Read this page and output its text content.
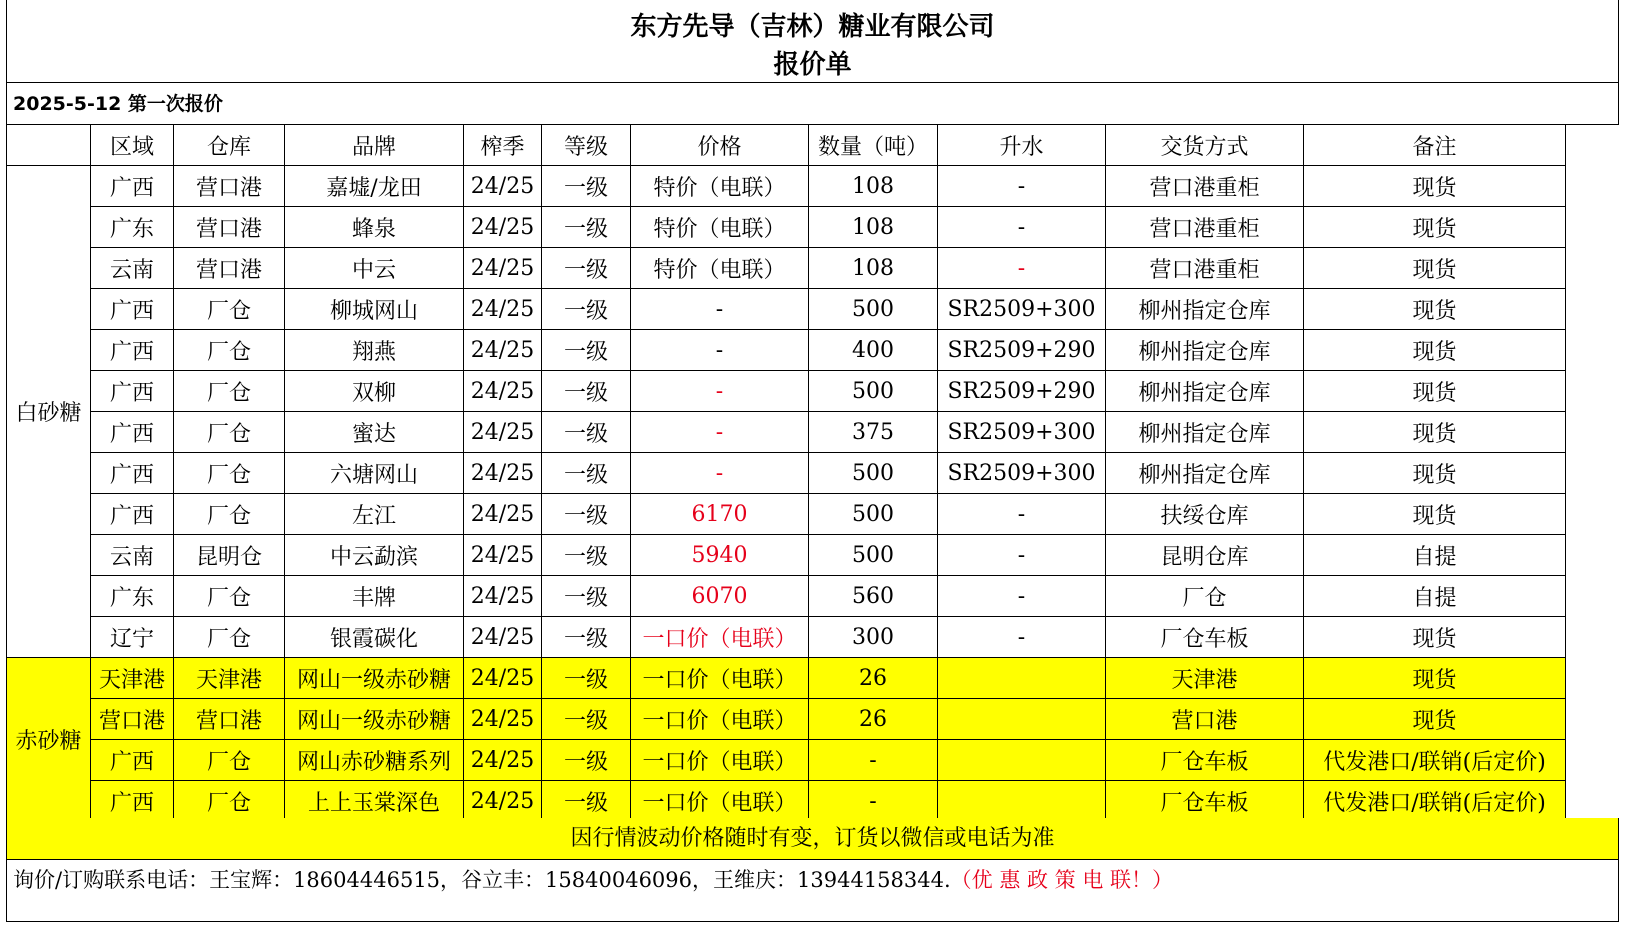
东方先导（吉林）糖业有限公司
报价单
2025-5-12 第一次报价
	区域	仓库	品牌	榨季	等级	价格	数量（吨）	升水	交货方式	备注
白砂糖	广西	营口港	嘉墟/龙田	24/25	一级	特价（电联）	108	-	营口港重柜	现货
	广东	营口港	蜂泉	24/25	一级	特价（电联）	108	-	营口港重柜	现货
	云南	营口港	中云	24/25	一级	特价（电联）	108	-	营口港重柜	现货
	广西	厂仓	柳城网山	24/25	一级	-	500	SR2509+300	柳州指定仓库	现货
	广西	厂仓	翔燕	24/25	一级	-	400	SR2509+290	柳州指定仓库	现货
	广西	厂仓	双柳	24/25	一级	-	500	SR2509+290	柳州指定仓库	现货
	广西	厂仓	蜜达	24/25	一级	-	375	SR2509+300	柳州指定仓库	现货
	广西	厂仓	六塘网山	24/25	一级	-	500	SR2509+300	柳州指定仓库	现货
	广西	厂仓	左江	24/25	一级	6170	500	-	扶绥仓库	现货
	云南	昆明仓	中云勐滨	24/25	一级	5940	500	-	昆明仓库	自提
	广东	厂仓	丰牌	24/25	一级	6070	560	-	厂仓	自提
	辽宁	厂仓	银霞碳化	24/25	一级	一口价（电联）	300	-	厂仓车板	现货
赤砂糖	天津港	天津港	网山一级赤砂糖	24/25	一级	一口价（电联）	26		天津港	现货
	营口港	营口港	网山一级赤砂糖	24/25	一级	一口价（电联）	26		营口港	现货
	广西	厂仓	网山赤砂糖系列	24/25	一级	一口价（电联）	-		厂仓车板	代发港口/联销(后定价)
	广西	厂仓	上上玉棠深色	24/25	一级	一口价（电联）	-		厂仓车板	代发港口/联销(后定价)
因行情波动价格随时有变，订货以微信或电话为准
询价/订购联系电话：王宝辉：18604446515，谷立丰：15840046096，王维庆：13944158344.（优 惠 政 策 电 联！）
